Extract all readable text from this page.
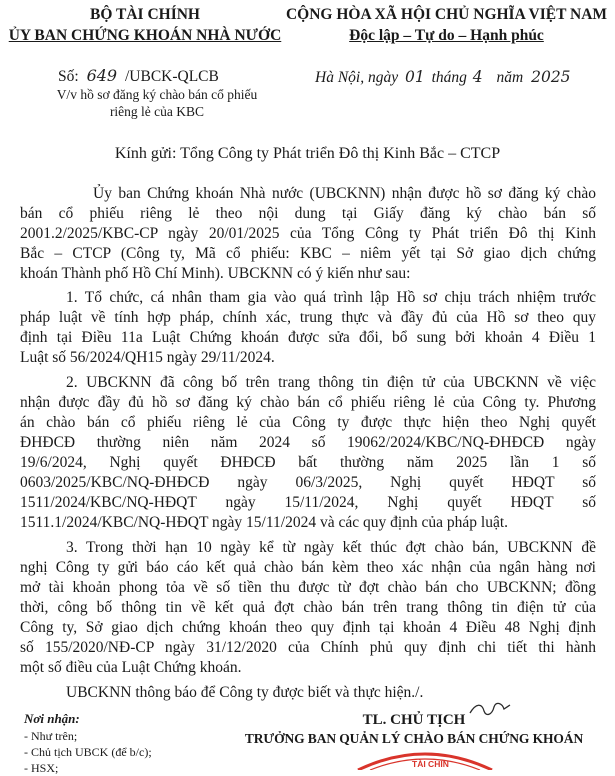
BỘ TÀI CHÍNH
ỦY BAN CHỨNG KHOÁN NHÀ NƯỚC
CỘNG HÒA XÃ HỘI CHỦ NGHĨA VIỆT NAM
Độc lập – Tự do – Hạnh phúc
Số: 649 /UBCK-QLCB
V/v hồ sơ đăng ký chào bán cổ phiếu
riêng lẻ của KBC
Hà Nội, ngày 01 tháng 4 năm 2025
Kính gửi: Tổng Công ty Phát triển Đô thị Kinh Bắc – CTCP
Ủy ban Chứng khoán Nhà nước (UBCKNN) nhận được hồ sơ đăng ký chào
bán cổ phiếu riêng lẻ theo nội dung tại Giấy đăng ký chào bán số
2001.2/2025/KBC-CP ngày 20/01/2025 của Tổng Công ty Phát triển Đô thị Kinh
Bắc – CTCP (Công ty, Mã cổ phiếu: KBC – niêm yết tại Sở giao dịch chứng
khoán Thành phố Hồ Chí Minh). UBCKNN có ý kiến như sau:
1. Tổ chức, cá nhân tham gia vào quá trình lập Hồ sơ chịu trách nhiệm trước
pháp luật về tính hợp pháp, chính xác, trung thực và đầy đủ của Hồ sơ theo quy
định tại Điều 11a Luật Chứng khoán được sửa đổi, bổ sung bởi khoản 4 Điều 1
Luật số 56/2024/QH15 ngày 29/11/2024.
2. UBCKNN đã công bố trên trang thông tin điện tử của UBCKNN về việc
nhận được đầy đủ hồ sơ đăng ký chào bán cổ phiếu riêng lẻ của Công ty. Phương
án chào bán cổ phiếu riêng lẻ của Công ty được thực hiện theo Nghị quyết
ĐHĐCĐ thường niên năm 2024 số 19062/2024/KBC/NQ-ĐHĐCĐ ngày
19/6/2024, Nghị quyết ĐHĐCĐ bất thường năm 2025 lần 1 số
0603/2025/KBC/NQ-ĐHĐCĐ ngày 06/3/2025, Nghị quyết HĐQT số
1511/2024/KBC/NQ-HĐQT ngày 15/11/2024, Nghị quyết HĐQT số
1511.1/2024/KBC/NQ-HĐQT ngày 15/11/2024 và các quy định của pháp luật.
3. Trong thời hạn 10 ngày kể từ ngày kết thúc đợt chào bán, UBCKNN đề
nghị Công ty gửi báo cáo kết quả chào bán kèm theo xác nhận của ngân hàng nơi
mở tài khoản phong tỏa về số tiền thu được từ đợt chào bán cho UBCKNN; đồng
thời, công bố thông tin về kết quả đợt chào bán trên trang thông tin điện tử của
Công ty, Sở giao dịch chứng khoán theo quy định tại khoản 4 Điều 48 Nghị định
số 155/2020/NĐ-CP ngày 31/12/2020 của Chính phủ quy định chi tiết thi hành
một số điều của Luật Chứng khoán.
UBCKNN thông báo để Công ty được biết và thực hiện./.
Nơi nhận:
- Như trên;
- Chủ tịch UBCK (để b/c);
- HSX;
TL. CHỦ TỊCH
TRƯỞNG BAN QUẢN LÝ CHÀO BÁN CHỨNG KHOÁN
TÀI CHÍN
